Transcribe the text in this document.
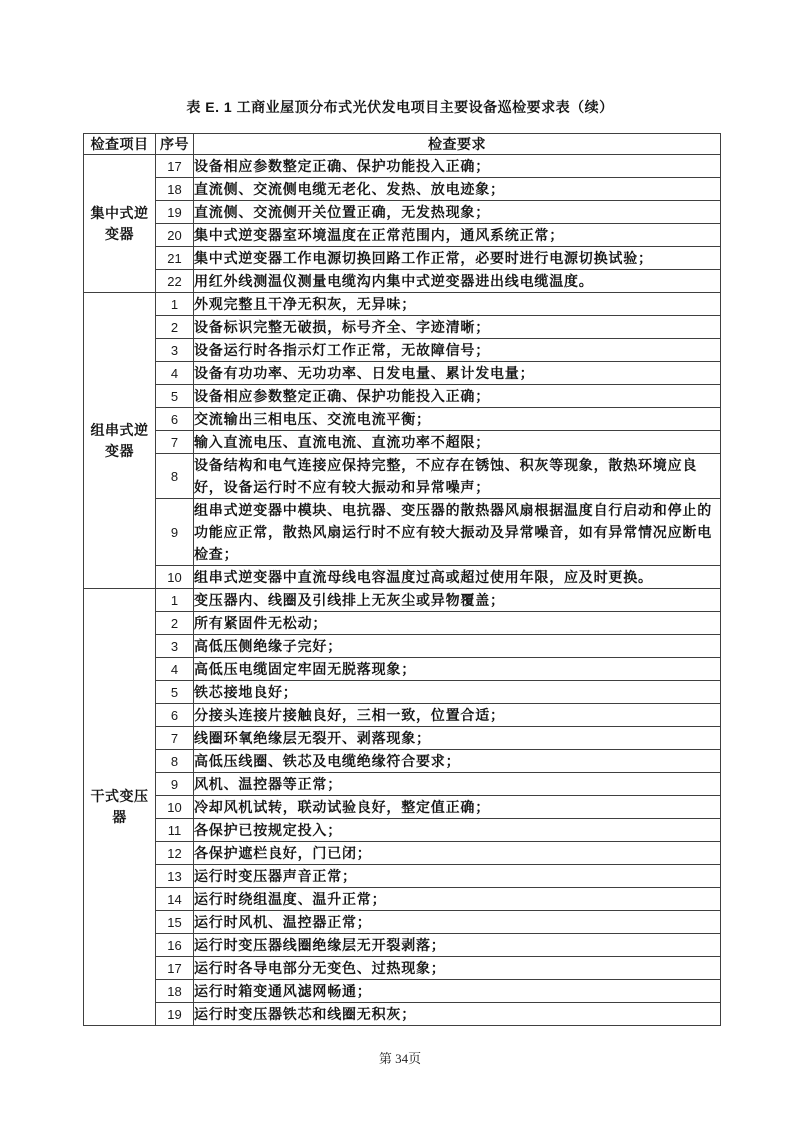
表 E. 1 工商业屋顶分布式光伏发电项目主要设备巡检要求表（续）
检查项目	序号	检查要求
集中式逆变器	17	设备相应参数整定正确、保护功能投入正确；
	18	直流侧、交流侧电缆无老化、发热、放电迹象；
	19	直流侧、交流侧开关位置正确，无发热现象；
	20	集中式逆变器室环境温度在正常范围内，通风系统正常；
	21	集中式逆变器工作电源切换回路工作正常，必要时进行电源切换试验；
	22	用红外线测温仪测量电缆沟内集中式逆变器进出线电缆温度。
组串式逆变器	1	外观完整且干净无积灰，无异味；
	2	设备标识完整无破损，标号齐全、字迹清晰；
	3	设备运行时各指示灯工作正常，无故障信号；
	4	设备有功功率、无功功率、日发电量、累计发电量；
	5	设备相应参数整定正确、保护功能投入正确；
	6	交流输出三相电压、交流电流平衡；
	7	输入直流电压、直流电流、直流功率不超限；
	8	设备结构和电气连接应保持完整，不应存在锈蚀、积灰等现象，散热环境应良好，设备运行时不应有较大振动和异常噪声；
	9	组串式逆变器中模块、电抗器、变压器的散热器风扇根据温度自行启动和停止的功能应正常，散热风扇运行时不应有较大振动及异常噪音，如有异常情况应断电检查；
	10	组串式逆变器中直流母线电容温度过高或超过使用年限，应及时更换。
干式变压器	1	变压器内、线圈及引线排上无灰尘或异物覆盖；
	2	所有紧固件无松动；
	3	高低压侧绝缘子完好；
	4	高低压电缆固定牢固无脱落现象；
	5	铁芯接地良好；
	6	分接头连接片接触良好，三相一致，位置合适；
	7	线圈环氧绝缘层无裂开、剥落现象；
	8	高低压线圈、铁芯及电缆绝缘符合要求；
	9	风机、温控器等正常；
	10	冷却风机试转，联动试验良好，整定值正确；
	11	各保护已按规定投入；
	12	各保护遮栏良好，门已闭；
	13	运行时变压器声音正常；
	14	运行时绕组温度、温升正常；
	15	运行时风机、温控器正常；
	16	运行时变压器线圈绝缘层无开裂剥落；
	17	运行时各导电部分无变色、过热现象；
	18	运行时箱变通风滤网畅通；
	19	运行时变压器铁芯和线圈无积灰；
第 34页
